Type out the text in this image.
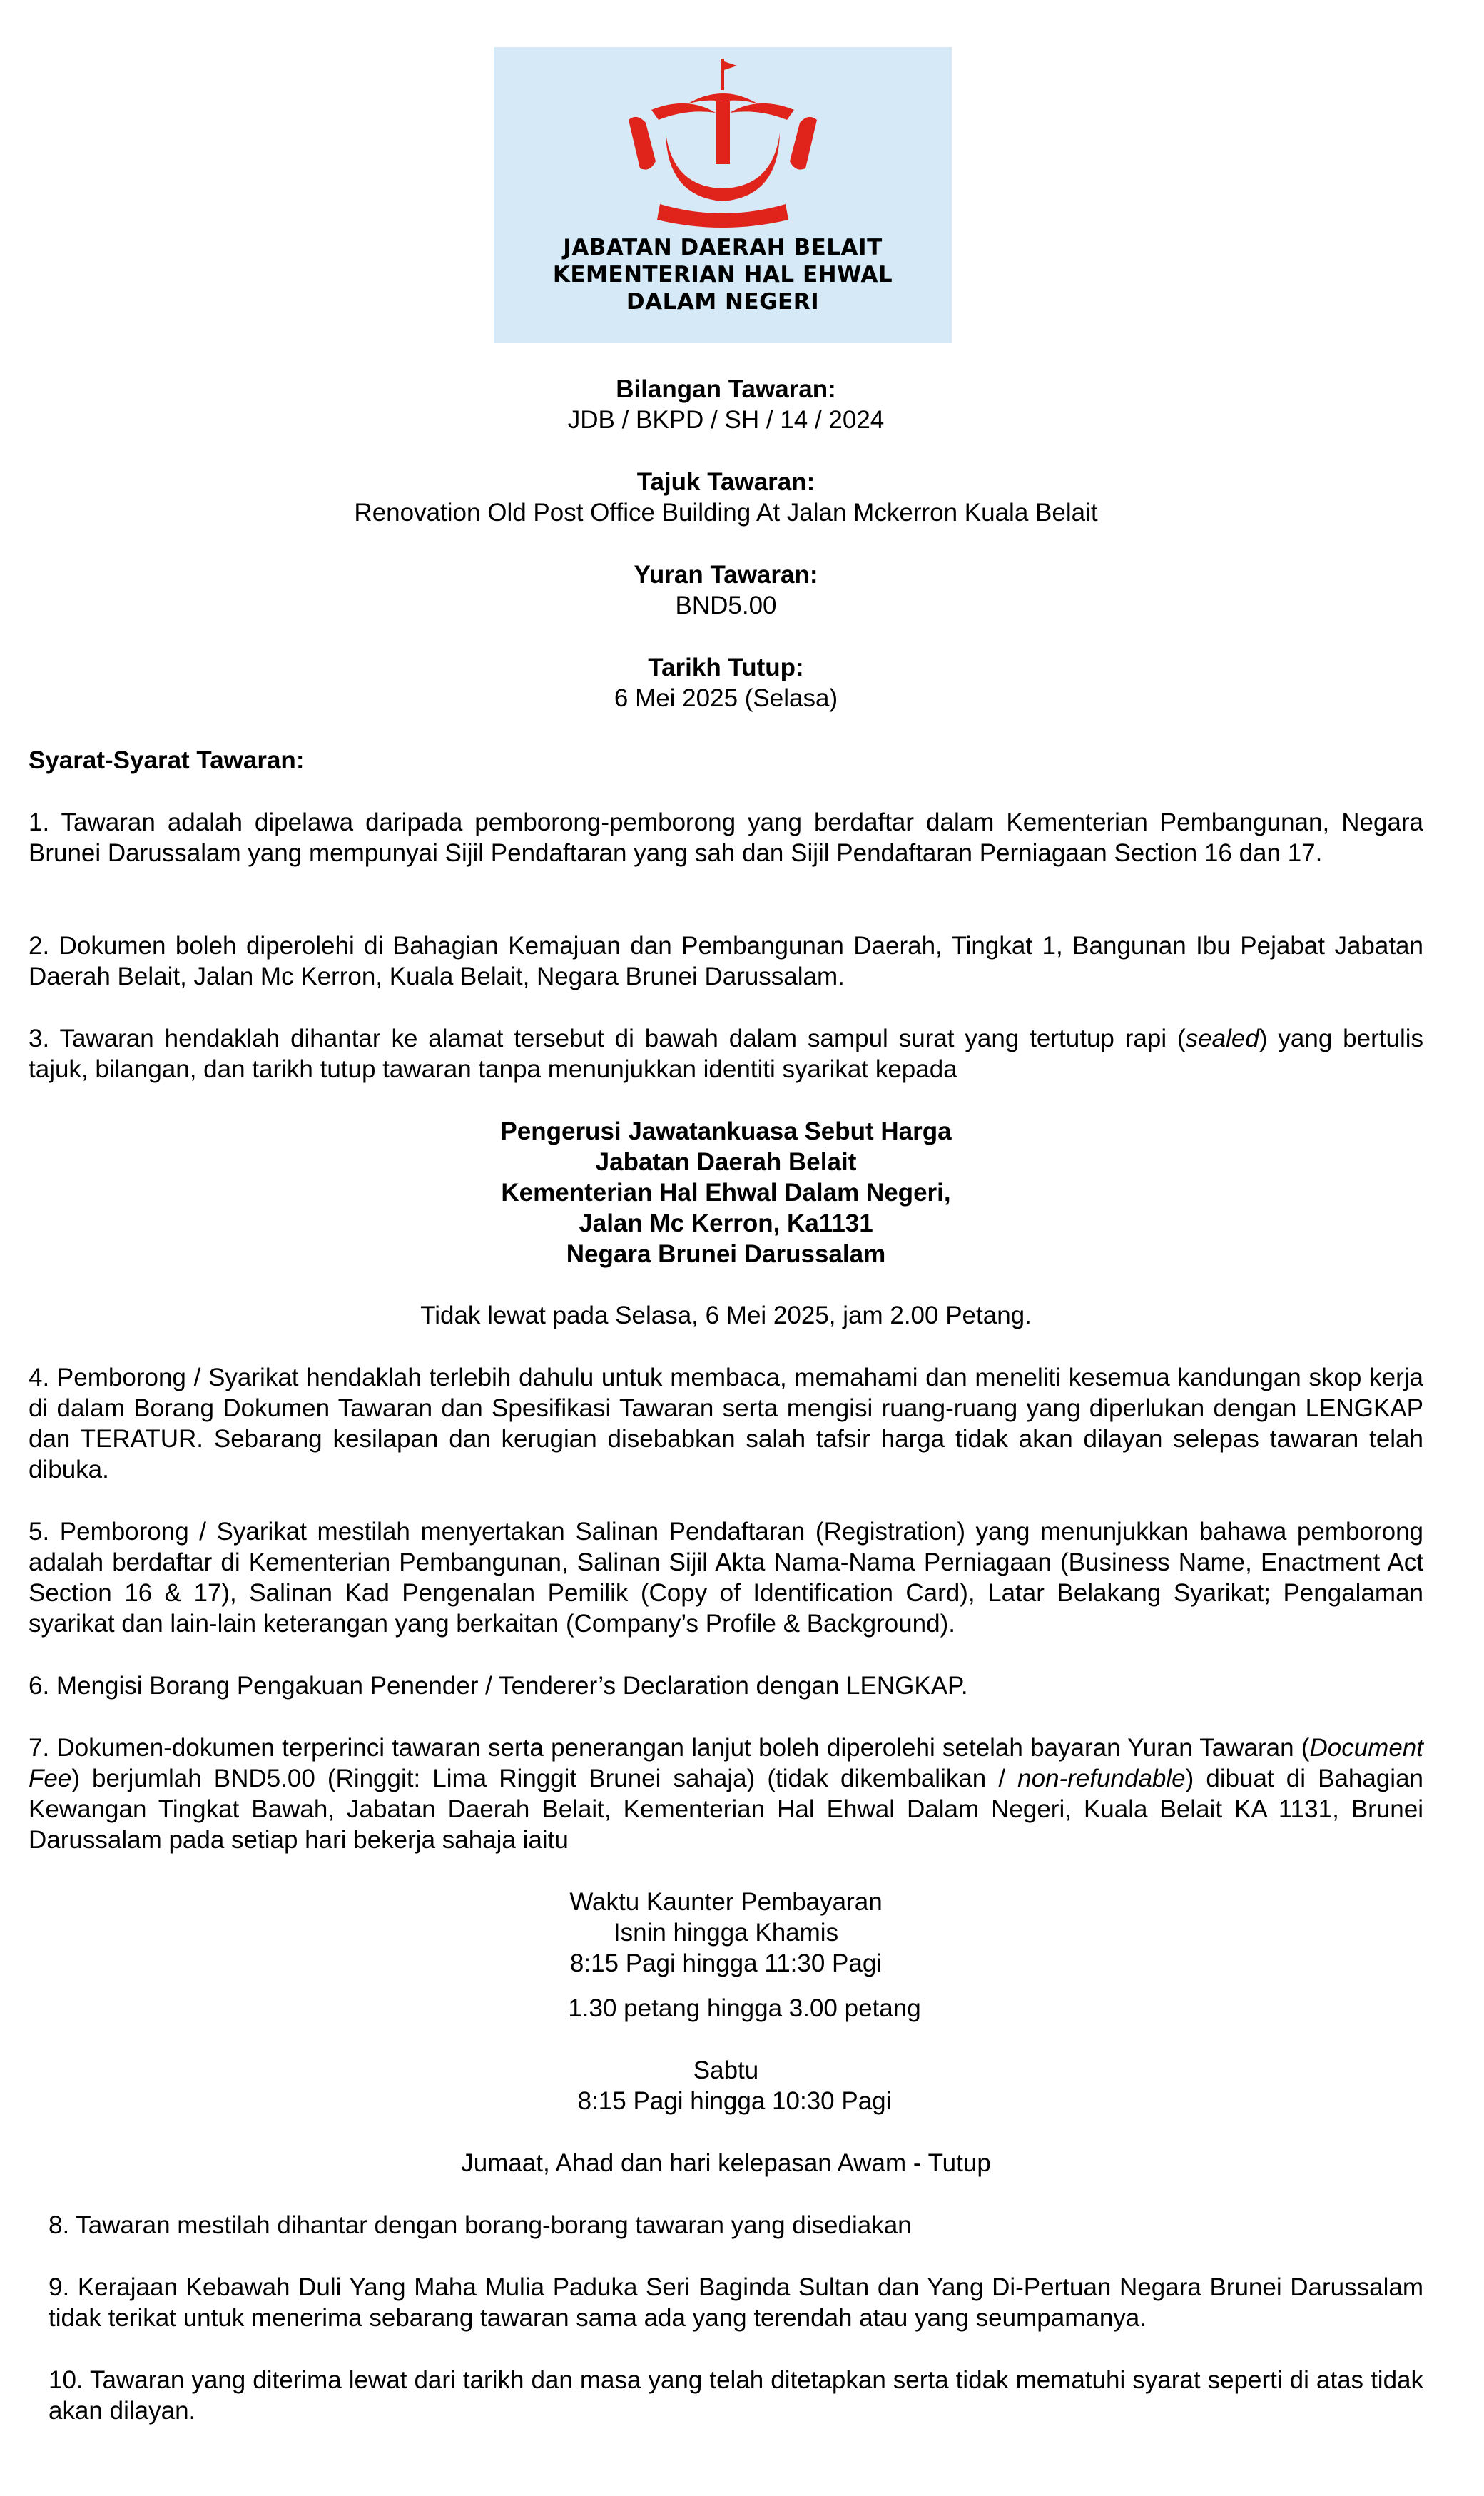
JABATAN DAERAH BELAIT
KEMENTERIAN HAL EHWAL
DALAM NEGERI
Bilangan Tawaran:
JDB / BKPD / SH / 14 / 2024
Tajuk Tawaran:
Renovation Old Post Office Building At Jalan Mckerron Kuala Belait
Yuran Tawaran:
BND5.00
Tarikh Tutup:
6 Mei 2025 (Selasa)
Syarat-Syarat Tawaran:

1. Tawaran adalah dipelawa daripada pemborong-pemborong yang berdaftar dalam Kementerian Pembangunan, Negara Brunei Darussalam yang mempunyai Sijil Pendaftaran yang sah dan Sijil Pendaftaran Perniagaan Section 16 dan 17.

2. Dokumen boleh diperolehi di Bahagian Kemajuan dan Pembangunan Daerah, Tingkat 1, Bangunan Ibu Pejabat Jabatan Daerah Belait, Jalan Mc Kerron, Kuala Belait, Negara Brunei Darussalam.

3. Tawaran hendaklah dihantar ke alamat tersebut di bawah dalam sampul surat yang tertutup rapi (sealed) yang bertulis tajuk, bilangan, dan tarikh tutup tawaran tanpa menunjukkan identiti syarikat kepada

Pengerusi Jawatankuasa Sebut Harga
Jabatan Daerah Belait
Kementerian Hal Ehwal Dalam Negeri,
Jalan Mc Kerron, Ka1131
Negara Brunei Darussalam
Tidak lewat pada Selasa, 6 Mei 2025, jam 2.00 Petang.

4. Pemborong / Syarikat hendaklah terlebih dahulu untuk membaca, memahami dan meneliti kesemua kandungan skop kerja di dalam Borang Dokumen Tawaran dan Spesifikasi Tawaran serta mengisi ruang-ruang yang diperlukan dengan LENGKAP dan TERATUR. Sebarang kesilapan dan kerugian disebabkan salah tafsir harga tidak akan dilayan selepas tawaran telah dibuka.

5. Pemborong / Syarikat mestilah menyertakan Salinan Pendaftaran (Registration) yang menunjukkan bahawa pemborong adalah berdaftar di Kementerian Pembangunan, Salinan Sijil Akta Nama-Nama Perniagaan (Business Name, Enactment Act Section 16 & 17), Salinan Kad Pengenalan Pemilik (Copy of Identification Card), Latar Belakang Syarikat; Pengalaman syarikat dan lain-lain keterangan yang berkaitan (Company’s Profile & Background).

6. Mengisi Borang Pengakuan Penender / Tenderer’s Declaration dengan LENGKAP.

7. Dokumen-dokumen terperinci tawaran serta penerangan lanjut boleh diperolehi setelah bayaran Yuran Tawaran (Document Fee) berjumlah BND5.00 (Ringgit: Lima Ringgit Brunei sahaja) (tidak dikembalikan / non-refundable) dibuat di Bahagian Kewangan Tingkat Bawah, Jabatan Daerah Belait, Kementerian Hal Ehwal Dalam Negeri, Kuala Belait KA 1131, Brunei Darussalam pada setiap hari bekerja sahaja iaitu

Waktu Kaunter Pembayaran
Isnin hingga Khamis
8:15 Pagi hingga 11:30 Pagi
1.30 petang hingga 3.00 petang
Sabtu
8:15 Pagi hingga 10:30 Pagi
Jumaat, Ahad dan hari kelepasan Awam - Tutup

8. Tawaran mestilah dihantar dengan borang-borang tawaran yang disediakan

9. Kerajaan Kebawah Duli Yang Maha Mulia Paduka Seri Baginda Sultan dan Yang Di-Pertuan Negara Brunei Darussalam tidak terikat untuk menerima sebarang tawaran sama ada yang terendah atau yang seumpamanya.

10. Tawaran yang diterima lewat dari tarikh dan masa yang telah ditetapkan serta tidak mematuhi syarat seperti di atas tidak akan dilayan.
